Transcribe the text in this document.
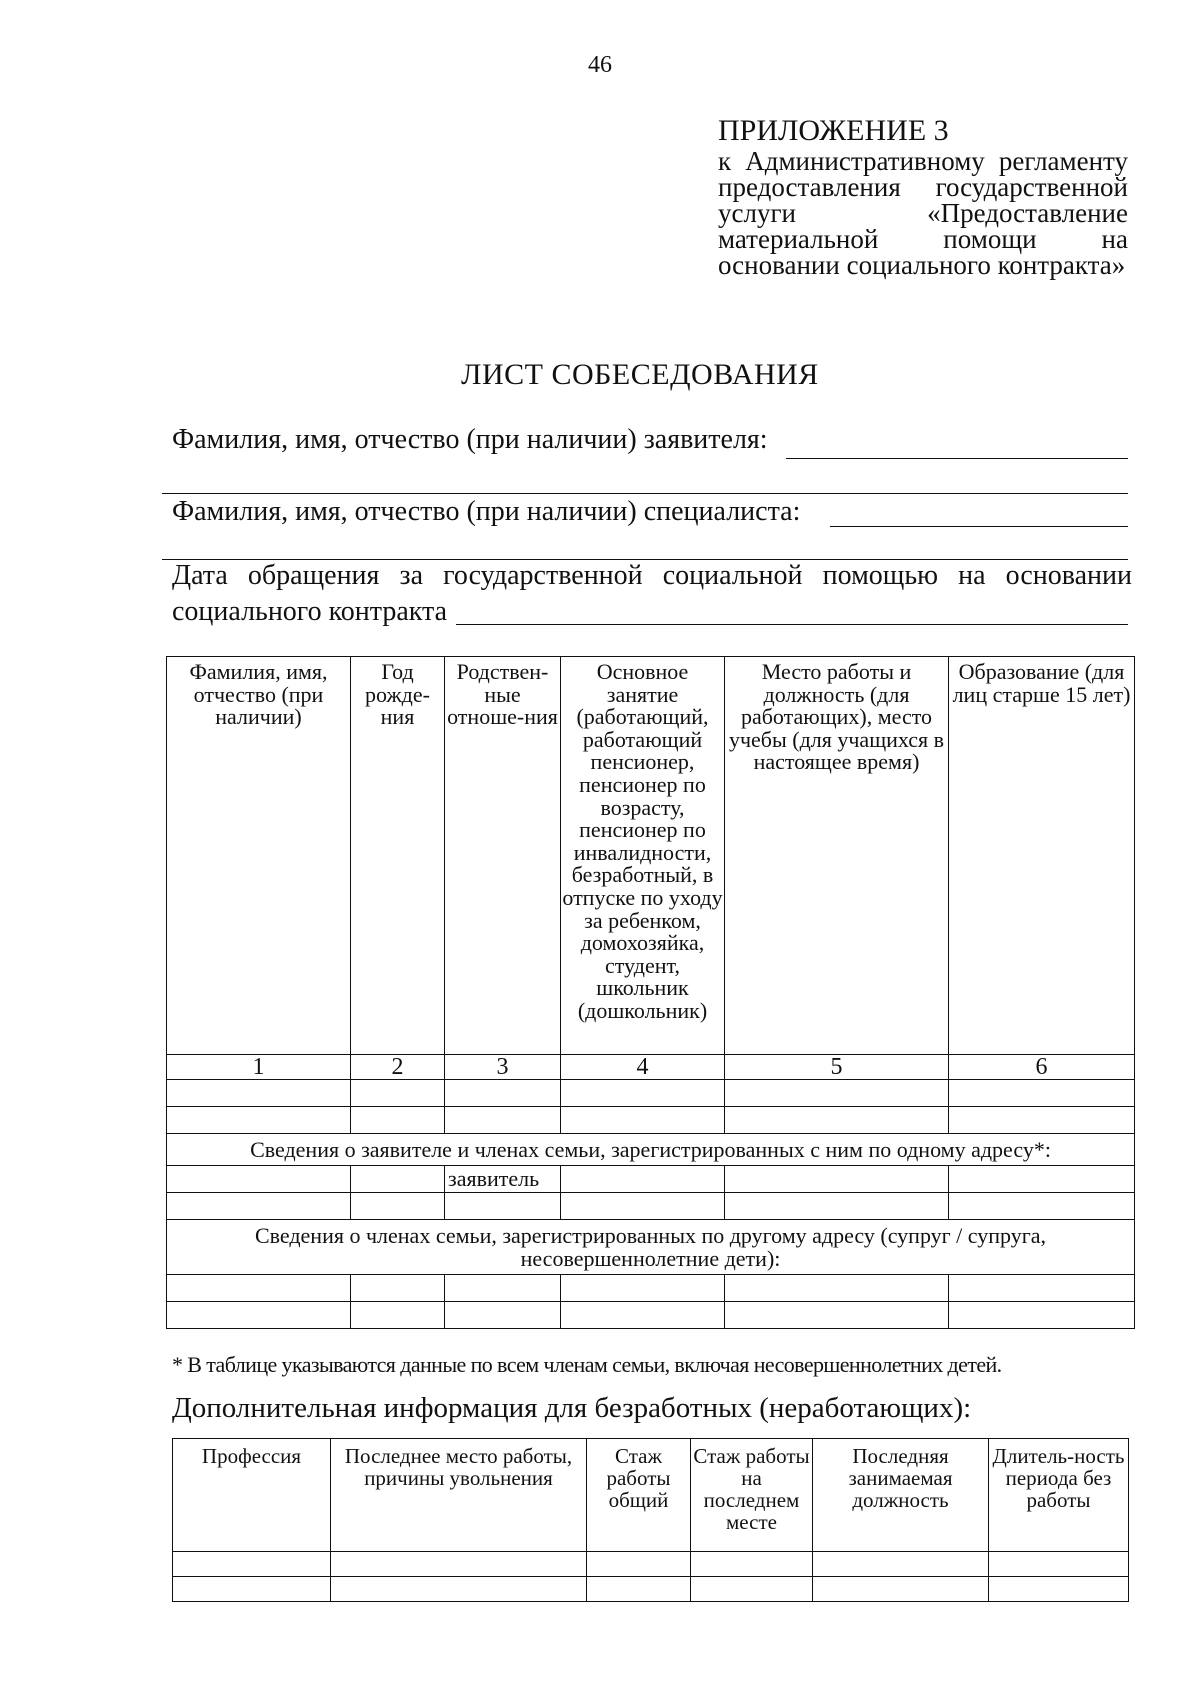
46
ПРИЛОЖЕНИЕ 3
к Административному регламенту предоставления государственной услуги «Предоставление материальной помощи на основании социального контракта»
ЛИСТ СОБЕСЕДОВАНИЯ
Фамилия, имя, отчество (при наличии) заявителя:
Фамилия, имя, отчество (при наличии) специалиста:
Дата обращения за государственной социальной помощью на основании
социального контракта
Фамилия, имя, отчество (при наличии)	Год рожде-ния	Родствен-ные отноше-ния	Основное занятие (работающий, работающий пенсионер, пенсионер по возрасту, пенсионер по инвалидности, безработный, в отпуске по уходу за ребенком, домохозяйка, студент, школьник (дошкольник)	Место работы и должность (для работающих), место учебы (для учащихся в настоящее время)	Образование (для лиц старше 15 лет)
1	2	3	4	5	6

Сведения о заявителе и членах семьи, зарегистрированных с ним по одному адресу*:					
		заявитель			

Сведения о членах семьи, зарегистрированных по другому адресу (супруг / супруга, несовершеннолетние дети):					

* В таблице указываются данные по всем членам семьи, включая несовершеннолетних детей.
Дополнительная информация для безработных (неработающих):
Профессия	Последнее место работы, причины увольнения	Стаж работы общий	Стаж работы на последнем месте	Последняя занимаемая должность	Длитель-ность периода без работы
